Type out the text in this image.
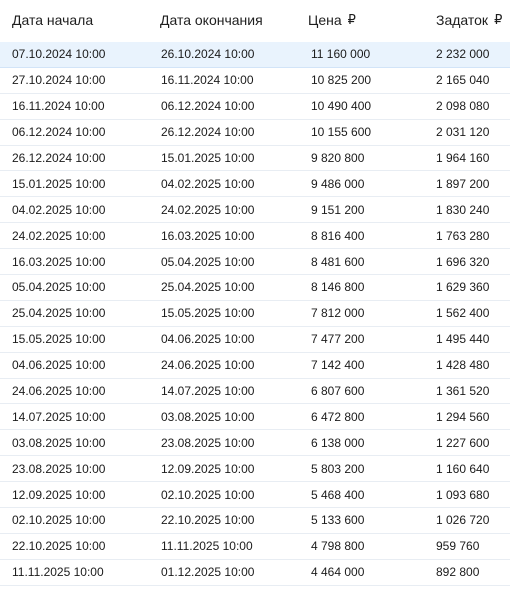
Дата начала	Дата окончания	Цена ₽	Задаток ₽
07.10.2024 10:00	26.10.2024 10:00	11 160 000	2 232 000
27.10.2024 10:00	16.11.2024 10:00	10 825 200	2 165 040
16.11.2024 10:00	06.12.2024 10:00	10 490 400	2 098 080
06.12.2024 10:00	26.12.2024 10:00	10 155 600	2 031 120
26.12.2024 10:00	15.01.2025 10:00	9 820 800	1 964 160
15.01.2025 10:00	04.02.2025 10:00	9 486 000	1 897 200
04.02.2025 10:00	24.02.2025 10:00	9 151 200	1 830 240
24.02.2025 10:00	16.03.2025 10:00	8 816 400	1 763 280
16.03.2025 10:00	05.04.2025 10:00	8 481 600	1 696 320
05.04.2025 10:00	25.04.2025 10:00	8 146 800	1 629 360
25.04.2025 10:00	15.05.2025 10:00	7 812 000	1 562 400
15.05.2025 10:00	04.06.2025 10:00	7 477 200	1 495 440
04.06.2025 10:00	24.06.2025 10:00	7 142 400	1 428 480
24.06.2025 10:00	14.07.2025 10:00	6 807 600	1 361 520
14.07.2025 10:00	03.08.2025 10:00	6 472 800	1 294 560
03.08.2025 10:00	23.08.2025 10:00	6 138 000	1 227 600
23.08.2025 10:00	12.09.2025 10:00	5 803 200	1 160 640
12.09.2025 10:00	02.10.2025 10:00	5 468 400	1 093 680
02.10.2025 10:00	22.10.2025 10:00	5 133 600	1 026 720
22.10.2025 10:00	11.11.2025 10:00	4 798 800	959 760
11.11.2025 10:00	01.12.2025 10:00	4 464 000	892 800
